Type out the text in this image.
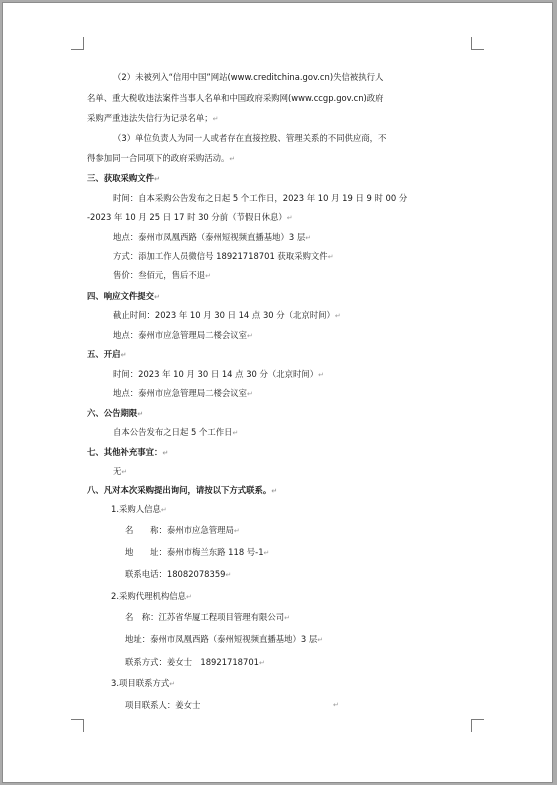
（2）未被列入“信用中国”网站(www.creditchina.gov.cn)失信被执行人
名单、重大税收违法案件当事人名单和中国政府采购网(www.ccgp.gov.cn)政府
采购严重违法失信行为记录名单；↵
（3）单位负责人为同一人或者存在直接控股、管理关系的不同供应商，不
得参加同一合同项下的政府采购活动。↵
三、获取采购文件↵
时间：自本采购公告发布之日起 5 个工作日，2023 年 10 月 19 日 9 时 00 分
-2023 年 10 月 25 日 17 时 30 分前（节假日休息）↵
地点：泰州市凤凰西路（泰州短视频直播基地）3 层↵
方式：添加工作人员微信号 18921718701 获取采购文件↵
售价：叁佰元，售后不退↵
四、响应文件提交↵
截止时间：2023 年 10 月 30 日 14 点 30 分（北京时间）↵
地点：泰州市应急管理局二楼会议室↵
五、开启↵
时间：2023 年 10 月 30 日 14 点 30 分（北京时间）↵
地点：泰州市应急管理局二楼会议室↵
六、公告期限↵
自本公告发布之日起 5 个工作日↵
七、其他补充事宜：↵
无↵
八、凡对本次采购提出询问，请按以下方式联系。↵
1.采购人信息↵
名　　称：泰州市应急管理局↵
地　　址：泰州市梅兰东路 118 号-1↵
联系电话：18082078359↵
2.采购代理机构信息↵
名　称：江苏省华厦工程项目管理有限公司↵
地址：泰州市凤凰西路（泰州短视频直播基地）3 层↵
联系方式：姜女士　18921718701↵
3.项目联系方式↵
项目联系人：姜女士	↵
